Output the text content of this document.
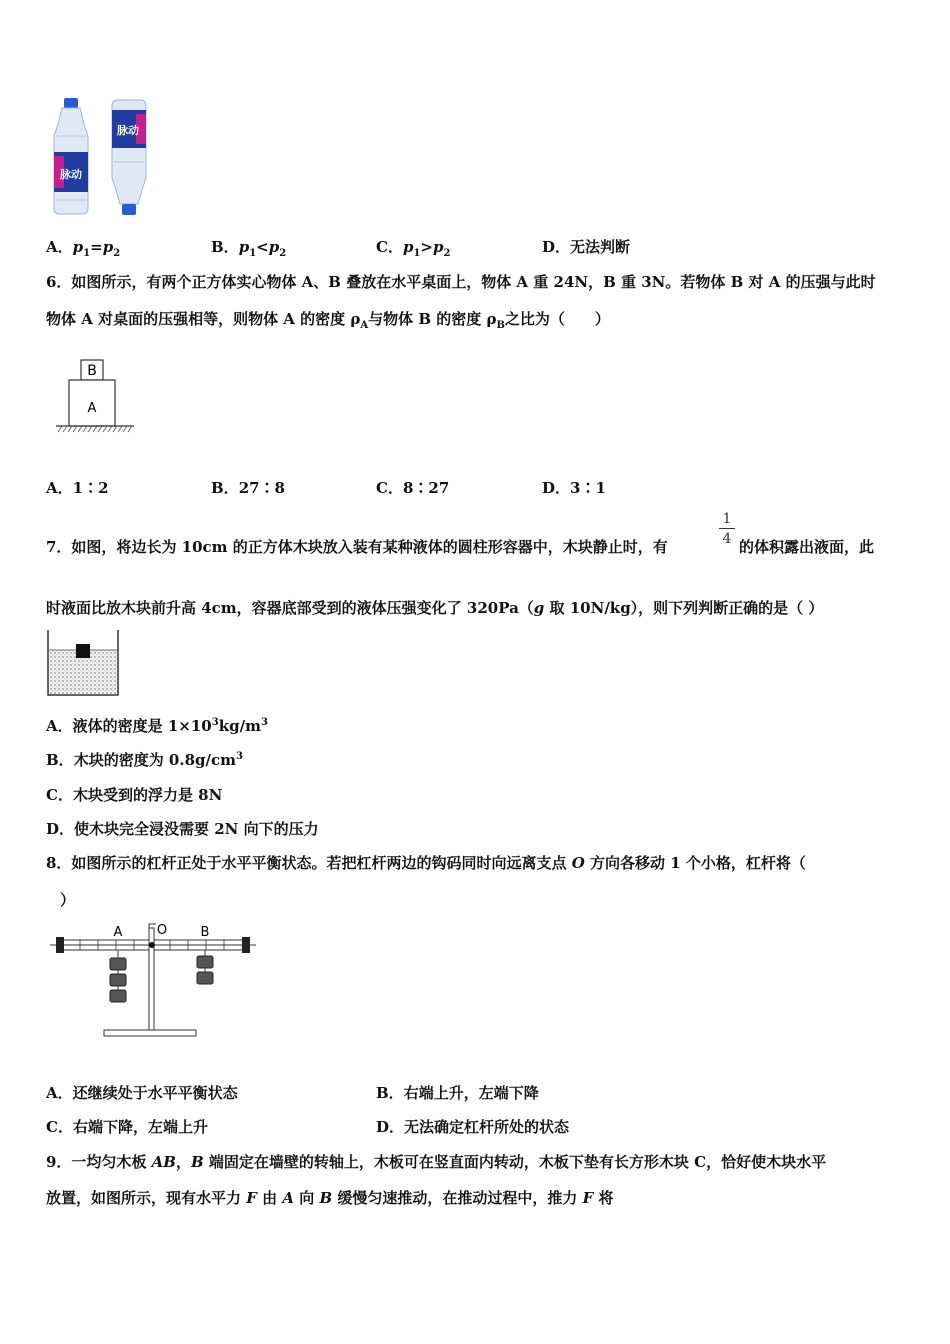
脉动
脉动
A．$p_1=p_2$	B．$p_1<p_2$	C．$p_1>p_2$	D．无法判断
6．如图所示，有两个正方体实心物体 A、B 叠放在水平桌面上，物体 A 重 24N，B 重 3N。若物体 B 对 A 的压强与此时
物体 A 对桌面的压强相等，则物体 A 的密度 $\rho_A$与物体 B 的密度 $\rho_B$之比为（　　）
B
A
A．1∶2	B．27∶8	C．8∶27	D．3∶1
7．如图，将边长为 10cm 的正方体木块放入装有某种液体的圆柱形容器中，木块静止时，有
1
4 的体积露出液面，此
时液面比放木块前升高 4cm，容器底部受到的液体压强变化了 320Pa（g 取 10N/kg），则下列判断正确的是（ ）
A．液体的密度是 $1\times 10^3kg/m^3$
B．木块的密度为 $0.8g/cm^3$
C．木块受到的浮力是 8N
D．使木块完全浸没需要 2N 向下的压力
8．如图所示的杠杆正处于水平平衡状态。若把杠杆两边的钩码同时向远离支点 O 方向各移动 1 个小格，杠杆将（
）
A	O	B
A．还继续处于水平平衡状态	B．右端上升，左端下降
C．右端下降，左端上升	D．无法确定杠杆所处的状态
9．一均匀木板 AB，B 端固定在墙壁的转轴上，木板可在竖直面内转动，木板下垫有长方形木块 C，恰好使木块水平
放置，如图所示，现有水平力 F 由 A 向 B 缓慢匀速推动，在推动过程中，推力 F 将
